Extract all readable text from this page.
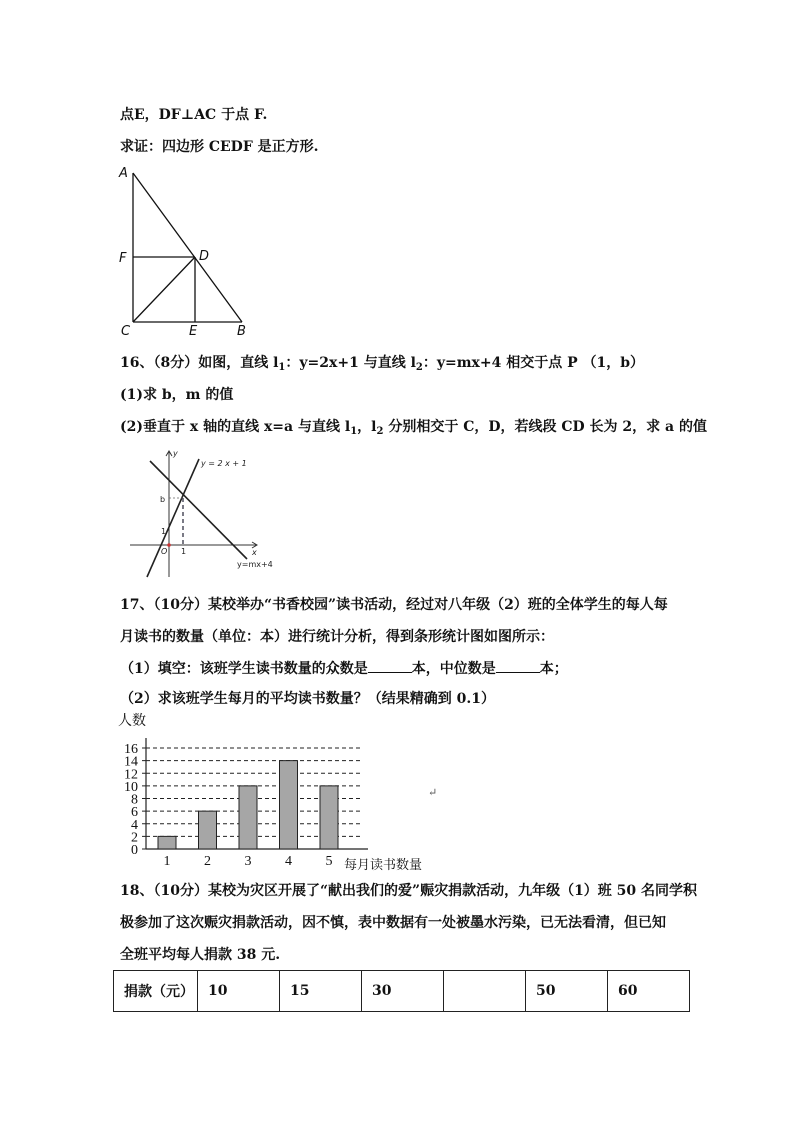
点E，DF⊥AC 于点 F.
求证：四边形 CEDF 是正方形.
A
F	D
C	E	B
16、（8分）如图，直线 $l_1$：y=2x+1 与直线 $l_2$：y=mx+4 相交于点 P （1，b）
(1)求 b，m 的值
(2)垂直于 x 轴的直线 x=a 与直线 $l_1$，$l_2$ 分别相交于 C，D，若线段 CD 长为 2，求 a 的值
y
x
y = 2 x + 1
y=mx+4
O 1
1
b
17、（10分）某校举办“书香校园”读书活动，经过对八年级（2）班的全体学生的每人每
月读书的数量（单位：本）进行统计分析，得到条形统计图如图所示：
（1）填空：该班学生读书数量的众数是	本，中位数是	本；
（2）求该班学生每月的平均读书数量？（结果精确到 0.1）
人数
每月读书数量
0
2
4
6
8
10
12
14
16
1 2 3 4 5
↵
18、（10分）某校为灾区开展了“献出我们的爱”赈灾捐款活动，九年级（1）班 50 名同学积
极参加了这次赈灾捐款活动，因不慎，表中数据有一处被墨水污染，已无法看清，但已知
全班平均每人捐款 38 元.
捐款（元）	10	15	30		50	60
